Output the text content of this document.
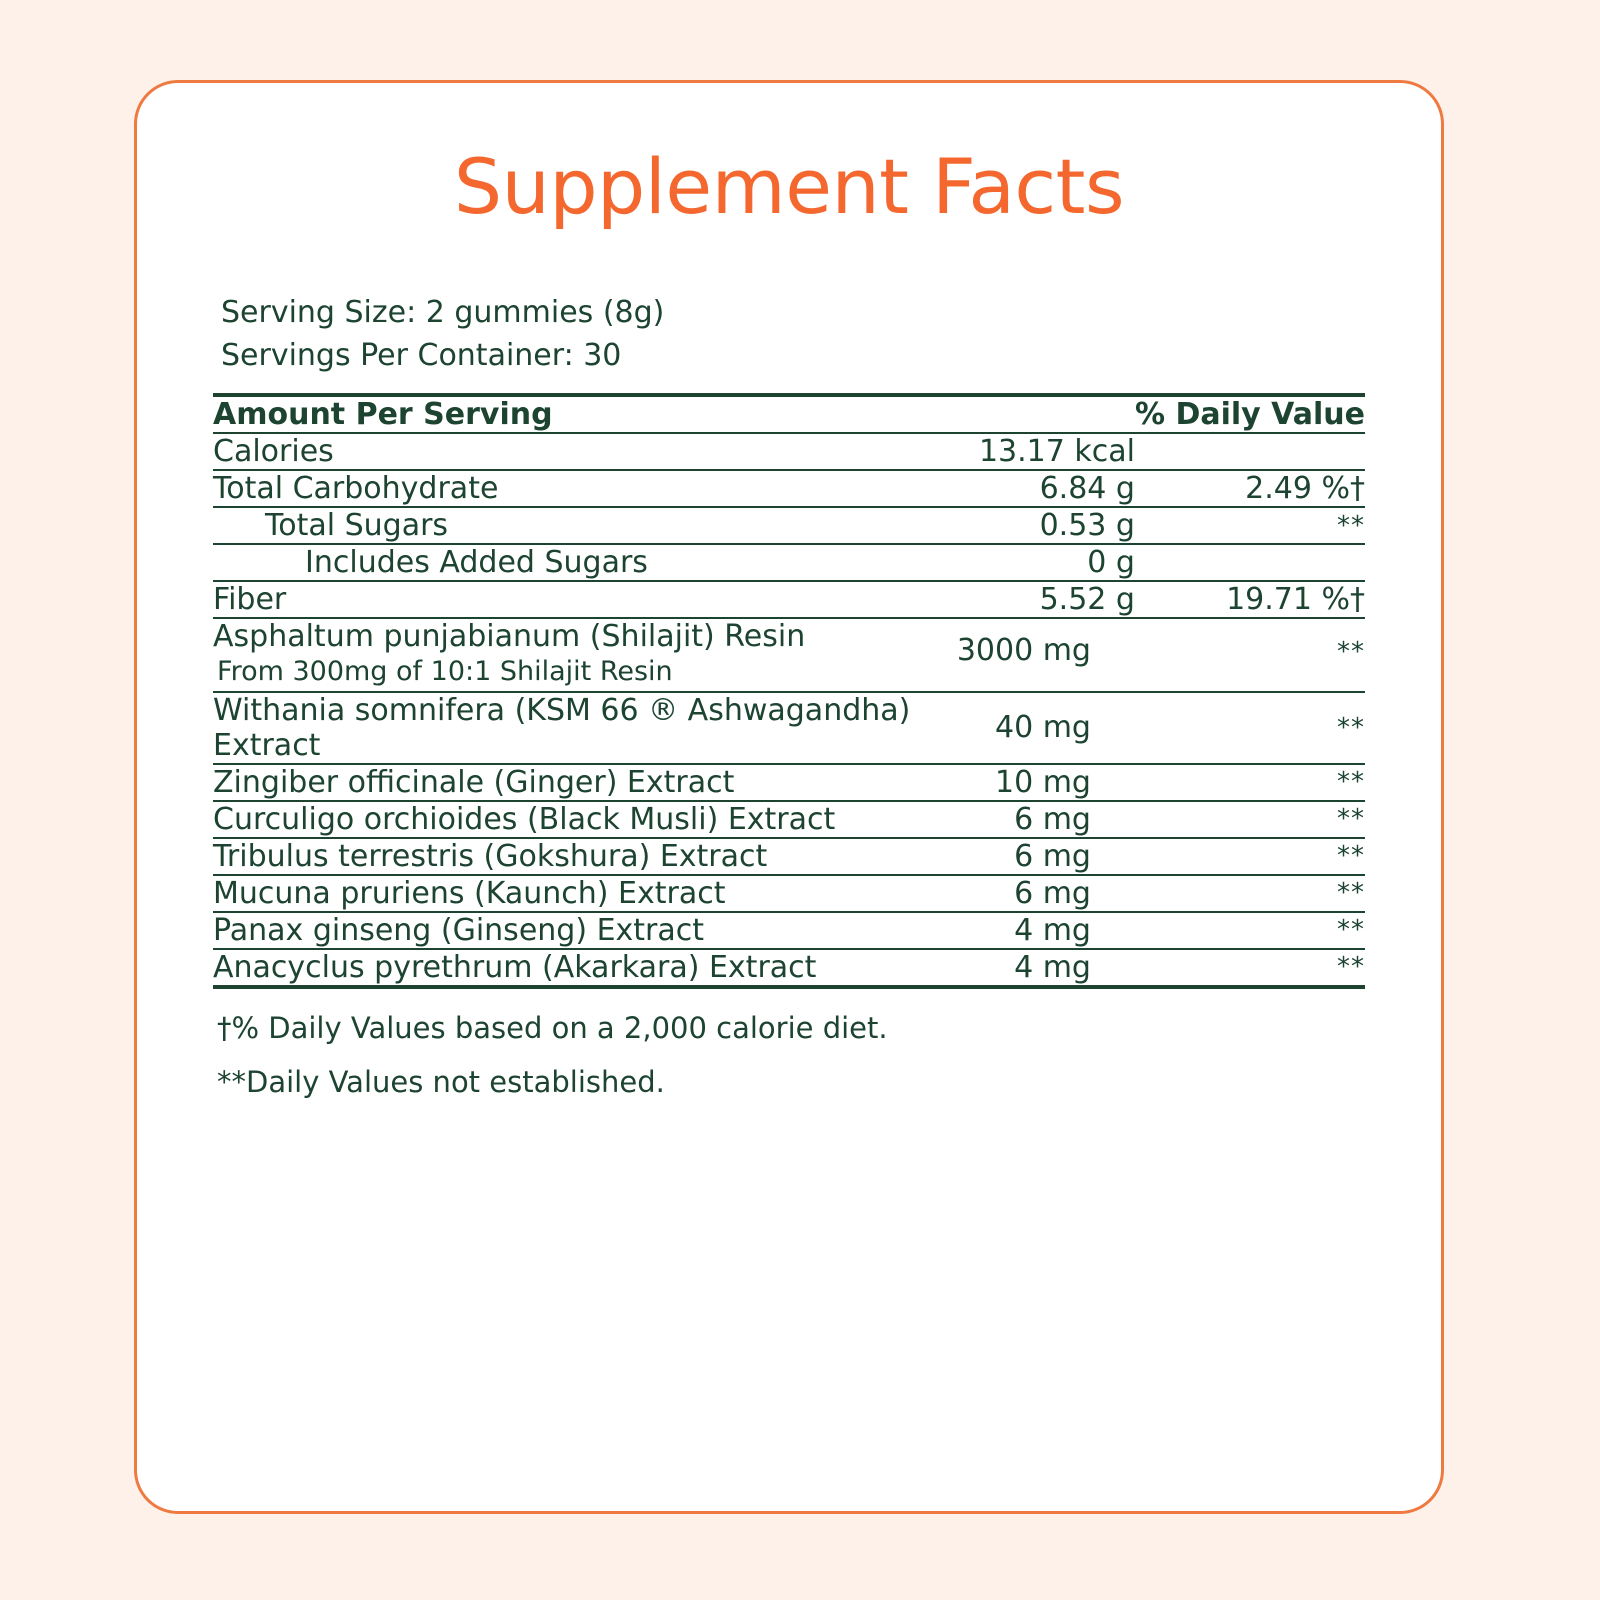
Supplement Facts
Serving Size: 2 gummies (8g)
Servings Per Container: 30
Amount Per Serving		% Daily Value
Calories	13.17 kcal	
Total Carbohydrate	6.84 g	2.49 %†
Total Sugars	0.53 g	**
Includes Added Sugars	0 g	
Fiber	5.52 g	19.71 %†

Asphaltum punjabianum (Shilajit) Resin
From 300mg of 10:1 Shilajit Resin	3000 mg	**
Withania somnifera (KSM 66 ® Ashwagandha) Extract	40 mg	**
Zingiber officinale (Ginger) Extract	10 mg	**
Curculigo orchioides (Black Musli) Extract	6 mg	**
Tribulus terrestris (Gokshura) Extract	6 mg	**
Mucuna pruriens (Kaunch) Extract	6 mg	**
Panax ginseng (Ginseng) Extract	4 mg	**
Anacyclus pyrethrum (Akarkara) Extract	4 mg	**

†% Daily Values based on a 2,000 calorie diet.
**Daily Values not established.
